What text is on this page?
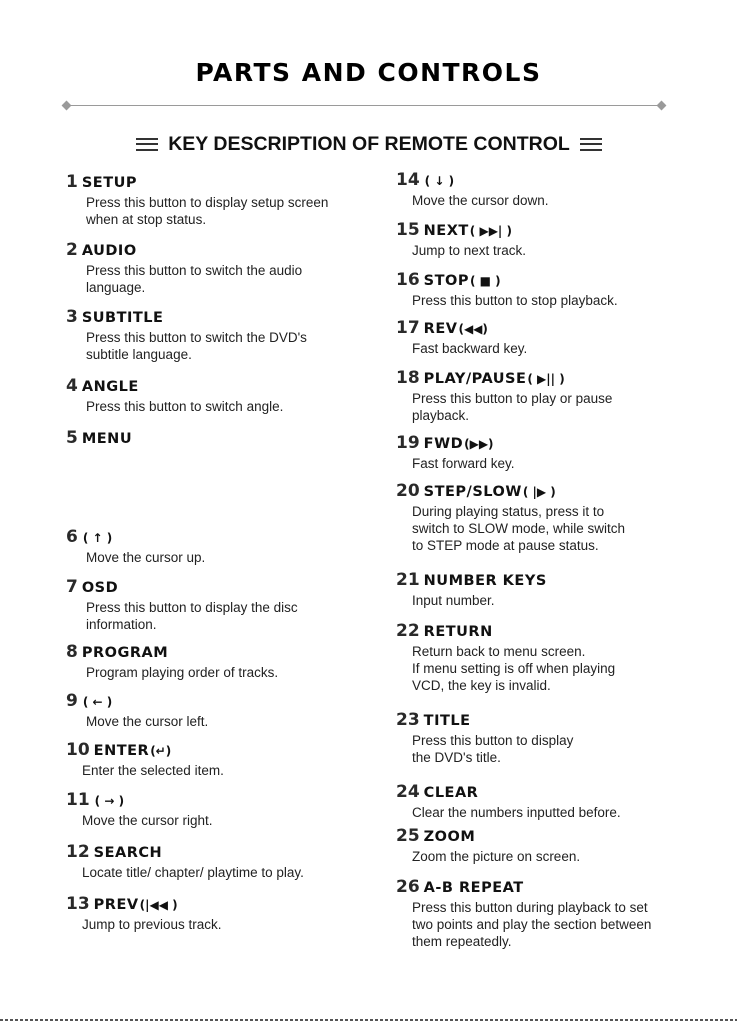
PARTS AND CONTROLS
KEY DESCRIPTION OF REMOTE CONTROL
1 SETUP
Press this button to display setup screen
when at stop status.
2 AUDIO
Press this button to switch the audio
language.
3 SUBTITLE
Press this button to switch the DVD's
subtitle language.
4 ANGLE
Press this button to switch angle.
5 MENU
6 ( ↑ )
Move the cursor up.
7 OSD
Press this button to display the disc
information.
8 PROGRAM
Program playing order of tracks.
9 ( ← )
Move the cursor left.
10 ENTER (↵)
Enter the selected item.
11 ( → )
Move the cursor right.
12 SEARCH
Locate title/ chapter/ playtime to play.
13 PREV (|◀◀ )
Jump to previous track.
14 ( ↓ )
Move the cursor down.
15 NEXT ( ▶▶| )
Jump to next track.
16 STOP ( ■ )
Press this button to stop playback.
17 REV (◀◀)
Fast backward key.
18 PLAY/PAUSE ( ▶|| )
Press this button to play or pause
playback.
19 FWD (▶▶)
Fast forward key.
20 STEP/SLOW ( |▶ )
During playing status, press it to
switch to SLOW mode, while switch
to STEP mode at pause status.
21 NUMBER KEYS
Input number.
22 RETURN
Return back to menu screen.
If menu setting is off when playing
VCD, the key is invalid.
23 TITLE
Press this button to display
the DVD's title.
24 CLEAR
Clear the numbers inputted before.
25 ZOOM
Zoom the picture on screen.
26 A-B REPEAT
Press this button during playback to set
two points and play the section between
them repeatedly.
